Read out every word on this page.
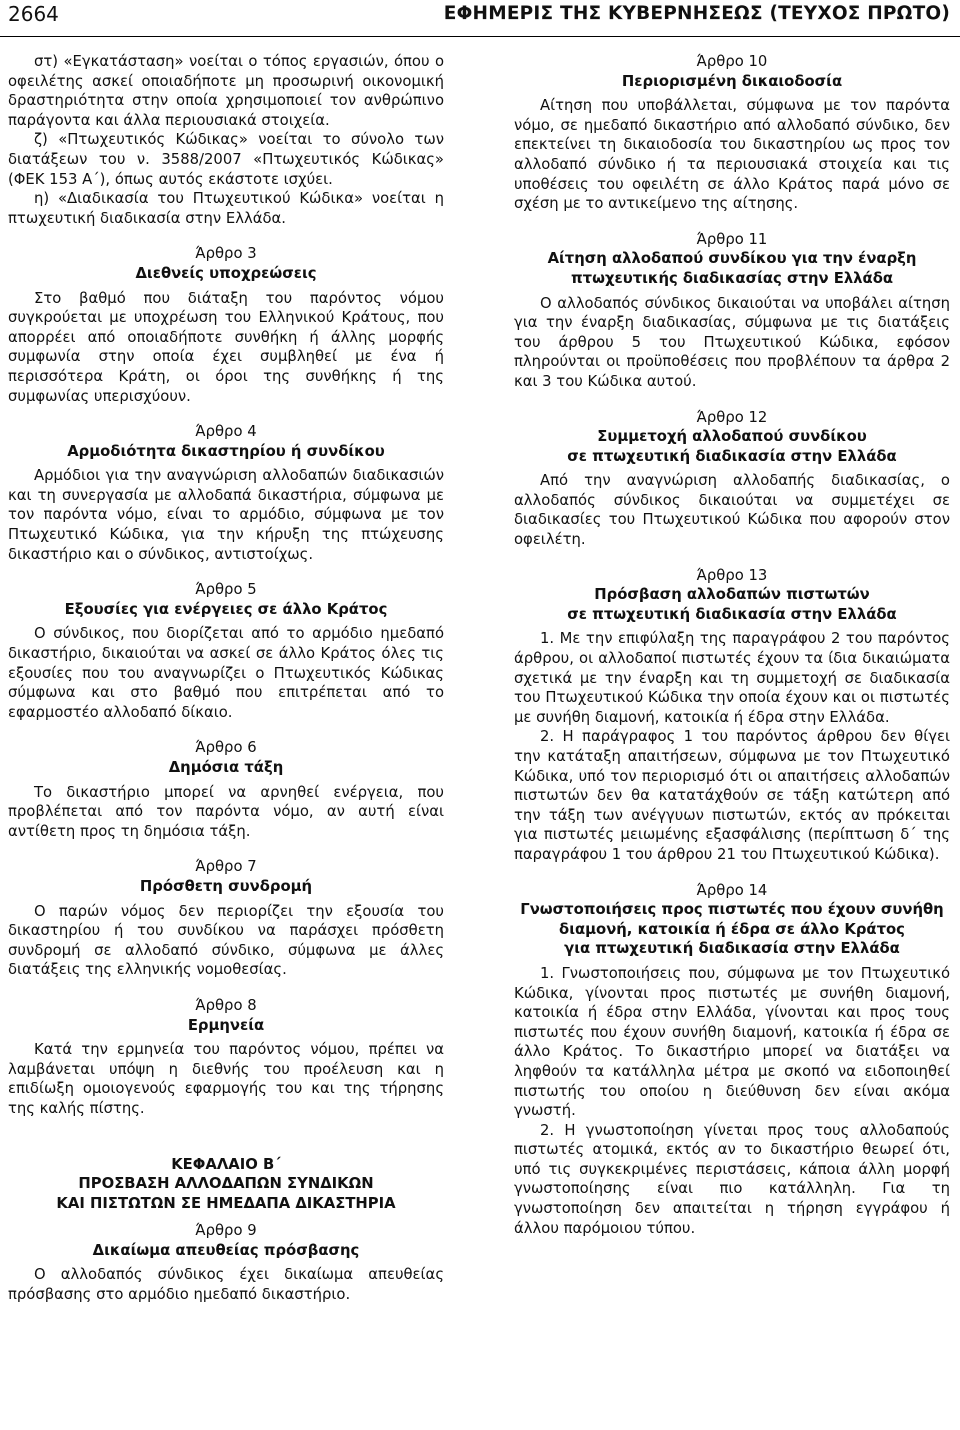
2664	ΕΦΗΜΕΡΙΣ ΤΗΣ ΚΥΒΕΡΝΗΣΕΩΣ (ΤΕΥΧΟΣ ΠΡΩΤΟ)

στ) «Εγκατάσταση» νοείται ο τόπος εργασιών, όπου ο οφειλέτης ασκεί οποιαδήποτε μη προσωρινή οικονομική δραστηριότητα στην οποία χρησιμοποιεί τον ανθρώπινο παράγοντα και άλλα περιουσιακά στοιχεία.

ζ) «Πτωχευτικός Κώδικας» νοείται το σύνολο των διατάξεων του ν. 3588/2007 «Πτωχευτικός Κώδικας» (ΦΕΚ 153 Α΄), όπως αυτός εκάστοτε ισχύει.

η) «Διαδικασία του Πτωχευτικού Κώδικα» νοείται η πτωχευτική διαδικασία στην Ελλάδα.

Άρθρο 3
Διεθνείς υποχρεώσεις

Στο βαθμό που διάταξη του παρόντος νόμου συγκρούεται με υποχρέωση του Ελληνικού Κράτους, που απορρέει από οποιαδήποτε συνθήκη ή άλλης μορφής συμφωνία στην οποία έχει συμβληθεί με ένα ή περισσότερα Κράτη, οι όροι της συνθήκης ή της συμφωνίας υπερισχύουν.

Άρθρο 4
Αρμοδιότητα δικαστηρίου ή συνδίκου

Αρμόδιοι για την αναγνώριση αλλοδαπών διαδικασιών και τη συνεργασία με αλλοδαπά δικαστήρια, σύμφωνα με τον παρόντα νόμο, είναι το αρμόδιο, σύμφωνα με τον Πτωχευτικό Κώδικα, για την κήρυξη της πτώχευσης δικαστήριο και ο σύνδικος, αντιστοίχως.

Άρθρο 5
Εξουσίες για ενέργειες σε άλλο Κράτος

Ο σύνδικος, που διορίζεται από το αρμόδιο ημεδαπό δικαστήριο, δικαιούται να ασκεί σε άλλο Κράτος όλες τις εξουσίες που του αναγνωρίζει ο Πτωχευτικός Κώδικας σύμφωνα και στο βαθμό που επιτρέπεται από το εφαρμοστέο αλλοδαπό δίκαιο.

Άρθρο 6
Δημόσια τάξη

Το δικαστήριο μπορεί να αρνηθεί ενέργεια, που προβλέπεται από τον παρόντα νόμο, αν αυτή είναι αντίθετη προς τη δημόσια τάξη.

Άρθρο 7
Πρόσθετη συνδρομή

Ο παρών νόμος δεν περιορίζει την εξουσία του δικαστηρίου ή του συνδίκου να παράσχει πρόσθετη συνδρομή σε αλλοδαπό σύνδικο, σύμφωνα με άλλες διατάξεις της ελληνικής νομοθεσίας.

Άρθρο 8
Ερμηνεία

Κατά την ερμηνεία του παρόντος νόμου, πρέπει να λαμβάνεται υπόψη η διεθνής του προέλευση και η επιδίωξη ομοιογενούς εφαρμογής του και της τήρησης της καλής πίστης.

ΚΕΦΑΛΑΙΟ Β΄
ΠΡΟΣΒΑΣΗ ΑΛΛΟΔΑΠΩΝ ΣΥΝΔΙΚΩΝ
ΚΑΙ ΠΙΣΤΩΤΩΝ ΣΕ ΗΜΕΔΑΠΑ ΔΙΚΑΣΤΗΡΙΑ
Άρθρο 9
Δικαίωμα απευθείας πρόσβασης

Ο αλλοδαπός σύνδικος έχει δικαίωμα απευθείας πρόσβασης στο αρμόδιο ημεδαπό δικαστήριο.

Άρθρο 10
Περιορισμένη δικαιοδοσία

Αίτηση που υποβάλλεται, σύμφωνα με τον παρόντα νόμο, σε ημεδαπό δικαστήριο από αλλοδαπό σύνδικο, δεν επεκτείνει τη δικαιοδοσία του δικαστηρίου ως προς τον αλλοδαπό σύνδικο ή τα περιουσιακά στοιχεία και τις υποθέσεις του οφειλέτη σε άλλο Κράτος παρά μόνο σε σχέση με το αντικείμενο της αίτησης.

Άρθρο 11
Αίτηση αλλοδαπού συνδίκου για την έναρξη
πτωχευτικής διαδικασίας στην Ελλάδα

Ο αλλοδαπός σύνδικος δικαιούται να υποβάλει αίτηση για την έναρξη διαδικασίας, σύμφωνα με τις διατάξεις του άρθρου 5 του Πτωχευτικού Κώδικα, εφόσον πληρούνται οι προϋποθέσεις που προβλέπουν τα άρθρα 2 και 3 του Κώδικα αυτού.

Άρθρο 12
Συμμετοχή αλλοδαπού συνδίκου
σε πτωχευτική διαδικασία στην Ελλάδα

Από την αναγνώριση αλλοδαπής διαδικασίας, ο αλλοδαπός σύνδικος δικαιούται να συμμετέχει σε διαδικασίες του Πτωχευτικού Κώδικα που αφορούν στον οφειλέτη.

Άρθρο 13
Πρόσβαση αλλοδαπών πιστωτών
σε πτωχευτική διαδικασία στην Ελλάδα

1. Με την επιφύλαξη της παραγράφου 2 του παρόντος άρθρου, οι αλλοδαποί πιστωτές έχουν τα ίδια δικαιώματα σχετικά με την έναρξη και τη συμμετοχή σε διαδικασία του Πτωχευτικού Κώδικα την οποία έχουν και οι πιστωτές με συνήθη διαμονή, κατοικία ή έδρα στην Ελλάδα.

2. Η παράγραφος 1 του παρόντος άρθρου δεν θίγει την κατάταξη απαιτήσεων, σύμφωνα με τον Πτωχευτικό Κώδικα, υπό τον περιορισμό ότι οι απαιτήσεις αλλοδαπών πιστωτών δεν θα κατατάχθούν σε τάξη κατώτερη από την τάξη των ανέγγυων πιστωτών, εκτός αν πρόκειται για πιστωτές μειωμένης εξασφάλισης (περίπτωση δ΄ της παραγράφου 1 του άρθρου 21 του Πτωχευτικού Κώδικα).

Άρθρο 14
Γνωστοποιήσεις προς πιστωτές που έχουν συνήθη
διαμονή, κατοικία ή έδρα σε άλλο Κράτος
για πτωχευτική διαδικασία στην Ελλάδα

1. Γνωστοποιήσεις που, σύμφωνα με τον Πτωχευτικό Κώδικα, γίνονται προς πιστωτές με συνήθη διαμονή, κατοικία ή έδρα στην Ελλάδα, γίνονται και προς τους πιστωτές που έχουν συνήθη διαμονή, κατοικία ή έδρα σε άλλο Κράτος. Το δικαστήριο μπορεί να διατάξει να ληφθούν τα κατάλληλα μέτρα με σκοπό να ειδοποιηθεί πιστωτής του οποίου η διεύθυνση δεν είναι ακόμα γνωστή.

2. Η γνωστοποίηση γίνεται προς τους αλλοδαπούς πιστωτές ατομικά, εκτός αν το δικαστήριο θεωρεί ότι, υπό τις συγκεκριμένες περιστάσεις, κάποια άλλη μορφή γνωστοποίησης είναι πιο κατάλληλη. Για τη γνωστοποίηση δεν απαιτείται η τήρηση εγγράφου ή άλλου παρόμοιου τύπου.
